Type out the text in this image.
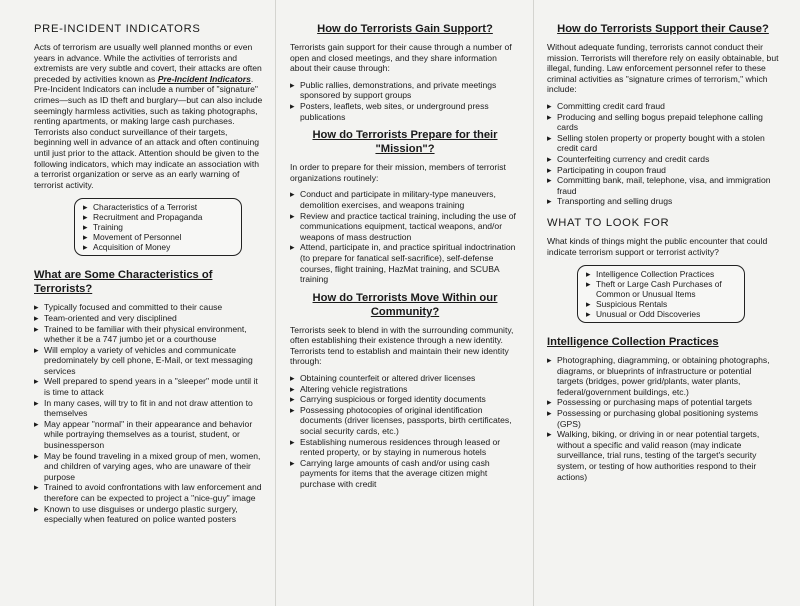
PRE-INCIDENT INDICATORS

Acts of terrorism are usually well planned months or even years in advance. While the activities of terrorists and extremists are very subtle and covert, their attacks are often preceded by activities known as Pre-Incident Indicators. Pre-Incident Indicators can include a number of "signature" crimes—such as ID theft and burglary—but can also include seemingly harmless activities, such as taking photographs, renting apartments, or making large cash purchases. Terrorists also conduct surveillance of their targets, beginning well in advance of an attack and often continuing until just prior to the attack. Attention should be given to the following indicators, which may indicate an association with a terrorist organization or serve as an early warning of terrorist activity.

▸ Characteristics of a Terrorist
▸ Recruitment and Propaganda
▸ Training
▸ Movement of Personnel
▸ Acquisition of Money
What are Some Characteristics of Terrorists?
▸ Typically focused and committed to their cause
▸ Team-oriented and very disciplined
▸ Trained to be familiar with their physical environment, whether it be a 747 jumbo jet or a courthouse
▸ Will employ a variety of vehicles and communicate predominately by cell phone, E-Mail, or text messaging services
▸ Well prepared to spend years in a "sleeper" mode until it is time to attack
▸ In many cases, will try to fit in and not draw attention to themselves
▸ May appear "normal" in their appearance and behavior while portraying themselves as a tourist, student, or businessperson
▸ May be found traveling in a mixed group of men, women, and children of varying ages, who are unaware of their purpose
▸ Trained to avoid confrontations with law enforcement and therefore can be expected to project a "nice-guy" image
▸ Known to use disguises or undergo plastic surgery, especially when featured on police wanted posters
How do Terrorists Gain Support?

Terrorists gain support for their cause through a number of open and closed meetings, and they share information about their cause through:

▸ Public rallies, demonstrations, and private meetings sponsored by support groups
▸ Posters, leaflets, web sites, or underground press publications
How do Terrorists Prepare for their "Mission"?

In order to prepare for their mission, members of terrorist organizations routinely:

▸ Conduct and participate in military-type maneuvers, demolition exercises, and weapons training
▸ Review and practice tactical training, including the use of communications equipment, tactical weapons, and/or weapons of mass destruction
▸ Attend, participate in, and practice spiritual indoctrination (to prepare for fanatical self-sacrifice), self-defense courses, flight training, HazMat training, and SCUBA training
How do Terrorists Move Within our Community?

Terrorists seek to blend in with the surrounding community, often establishing their existence through a new identity. Terrorists tend to establish and maintain their new identity through:

▸ Obtaining counterfeit or altered driver licenses
▸ Altering vehicle registrations
▸ Carrying suspicious or forged identity documents
▸ Possessing photocopies of original identification documents (driver licenses, passports, birth certificates, social security cards, etc.)
▸ Establishing numerous residences through leased or rented property, or by staying in numerous hotels
▸ Carrying large amounts of cash and/or using cash payments for items that the average citizen might purchase with credit
How do Terrorists Support their Cause?

Without adequate funding, terrorists cannot conduct their mission. Terrorists will therefore rely on easily obtainable, but illegal, funding. Law enforcement personnel refer to these criminal activities as "signature crimes of terrorism," which include:

▸ Committing credit card fraud
▸ Producing and selling bogus prepaid telephone calling cards
▸ Selling stolen property or property bought with a stolen credit card
▸ Counterfeiting currency and credit cards
▸ Participating in coupon fraud
▸ Committing bank, mail, telephone, visa, and immigration fraud
▸ Transporting and selling drugs
WHAT TO LOOK FOR

What kinds of things might the public encounter that could indicate terrorism support or terrorist activity?

▸ Intelligence Collection Practices
▸ Theft or Large Cash Purchases of Common or Unusual Items
▸ Suspicious Rentals
▸ Unusual or Odd Discoveries
Intelligence Collection Practices
▸ Photographing, diagramming, or obtaining photographs, diagrams, or blueprints of infrastructure or potential targets (bridges, power grid/plants, water plants, federal/government buildings, etc.)
▸ Possessing or purchasing maps of potential targets
▸ Possessing or purchasing global positioning systems (GPS)
▸ Walking, biking, or driving in or near potential targets, without a specific and valid reason (may indicate surveillance, trial runs, testing of the target's security system, or testing of how authorities respond to their actions)
